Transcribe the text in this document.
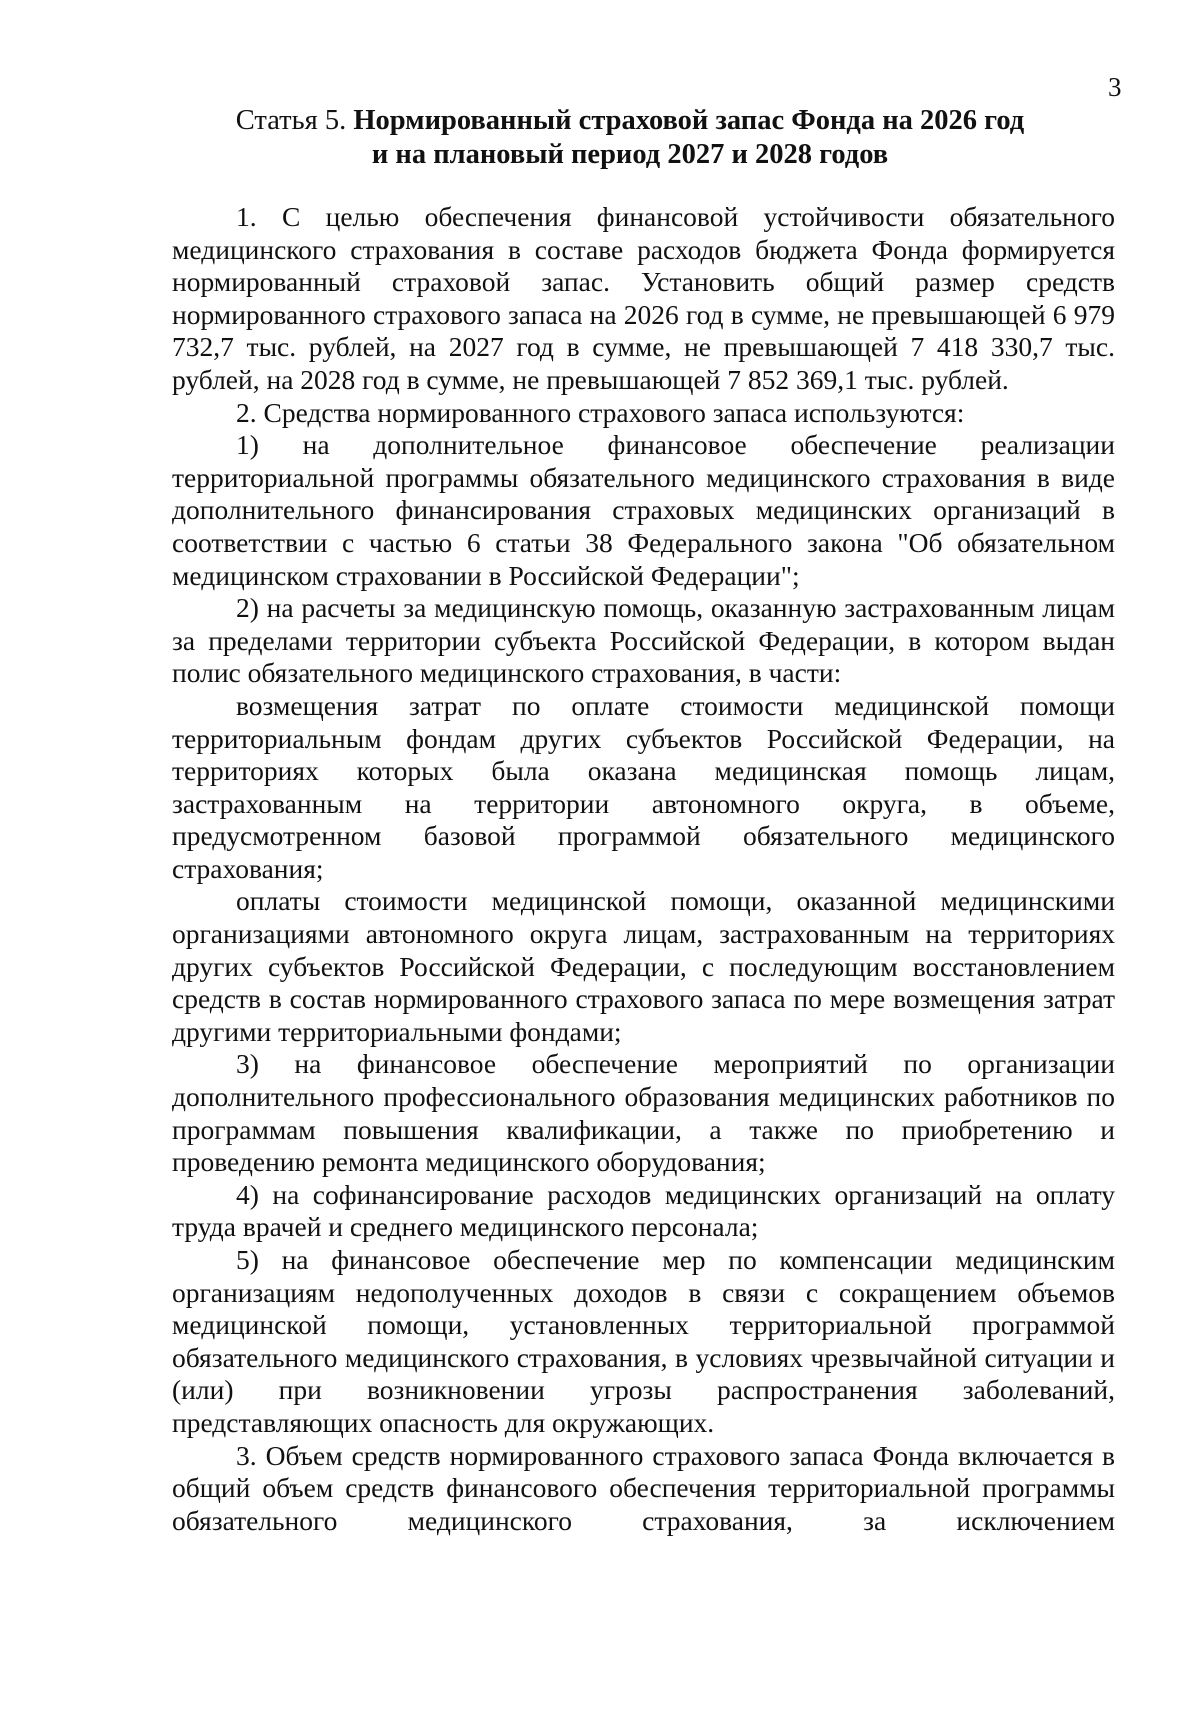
3
Статья 5. Нормированный страховой запас Фонда на 2026 год
и на плановый период 2027 и 2028 годов

1. С целью обеспечения финансовой устойчивости обязательного медицинского страхования в составе расходов бюджета Фонда формируется нормированный страховой запас. Установить общий размер средств нормированного страхового запаса на 2026 год в сумме, не превышающей 6 979 732,7 тыс. рублей, на 2027 год в сумме, не превышающей 7 418 330,7 тыс. рублей, на 2028 год в сумме, не превышающей 7 852 369,1 тыс. рублей.

2. Средства нормированного страхового запаса используются:

1) на дополнительное финансовое обеспечение реализации территориальной программы обязательного медицинского страхования в виде дополнительного финансирования страховых медицинских организаций в соответствии с частью 6 статьи 38 Федерального закона "Об обязательном медицинском страховании в Российской Федерации";

2) на расчеты за медицинскую помощь, оказанную застрахованным лицам за пределами территории субъекта Российской Федерации, в котором выдан полис обязательного медицинского страхования, в части:

возмещения затрат по оплате стоимости медицинской помощи территориальным фондам других субъектов Российской Федерации, на территориях которых была оказана медицинская помощь лицам, застрахованным на территории автономного округа, в объеме, предусмотренном базовой программой обязательного медицинского страхования;

оплаты стоимости медицинской помощи, оказанной медицинскими организациями автономного округа лицам, застрахованным на территориях других субъектов Российской Федерации, с последующим восстановлением средств в состав нормированного страхового запаса по мере возмещения затрат другими территориальными фондами;

3) на финансовое обеспечение мероприятий по организации дополнительного профессионального образования медицинских работников по программам повышения квалификации, а также по приобретению и проведению ремонта медицинского оборудования;

4) на софинансирование расходов медицинских организаций на оплату труда врачей и среднего медицинского персонала;

5) на финансовое обеспечение мер по компенсации медицинским организациям недополученных доходов в связи с сокращением объемов медицинской помощи, установленных территориальной программой обязательного медицинского страхования, в условиях чрезвычайной ситуации и (или) при возникновении угрозы распространения заболеваний, представляющих опасность для окружающих.

3. Объем средств нормированного страхового запаса Фонда включается в общий объем средств финансового обеспечения территориальной программы обязательного медицинского страхования, за исключением
